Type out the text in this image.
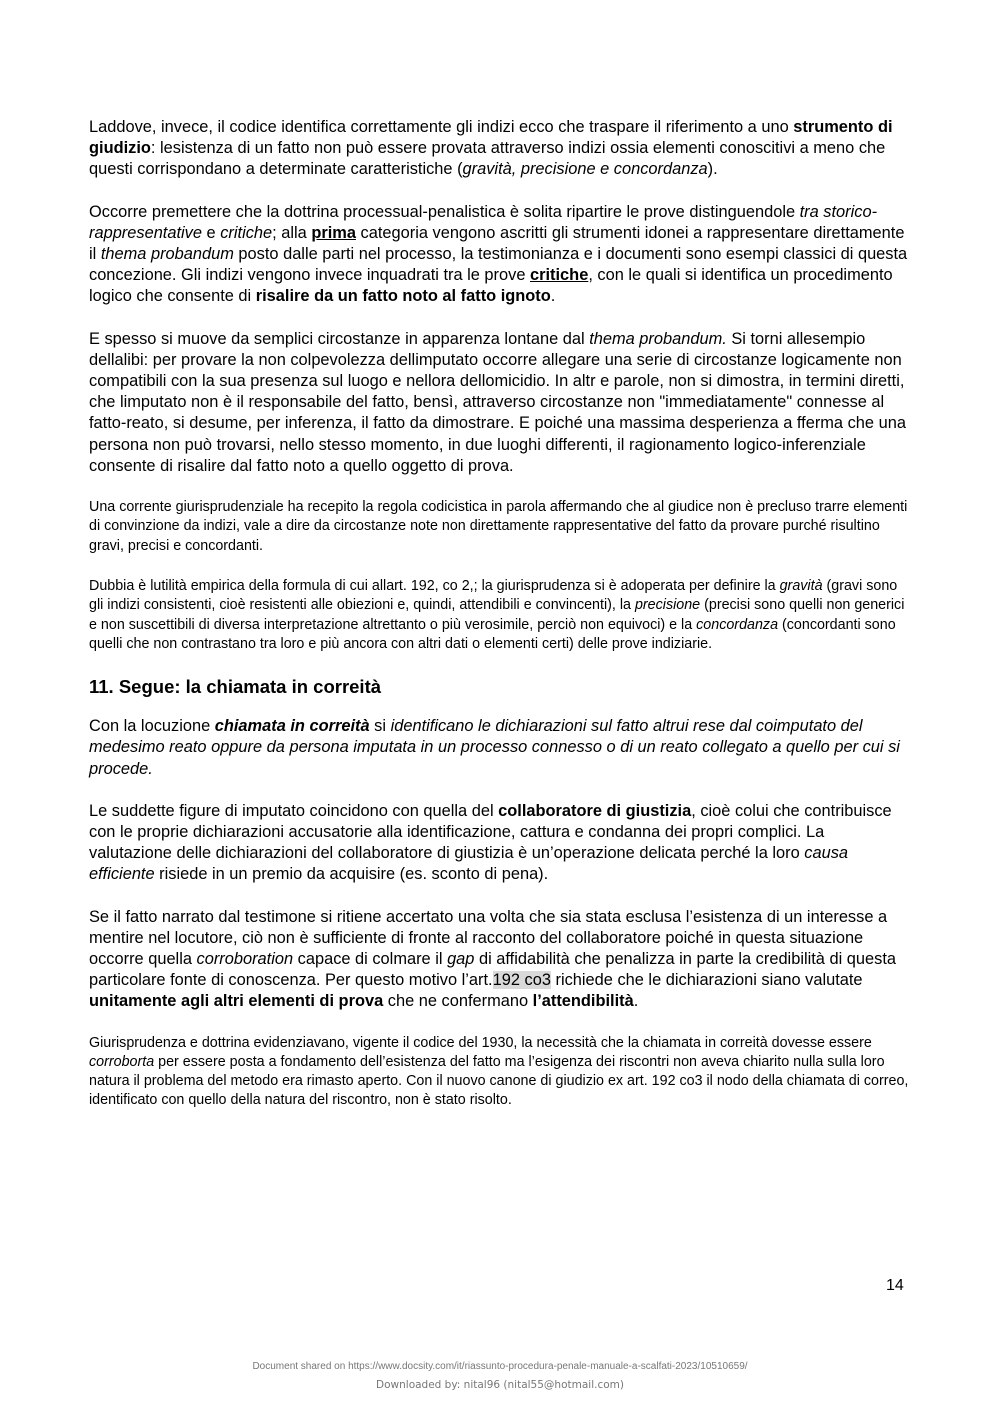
Laddove, invece, il codice identifica correttamente gli indizi ecco che traspare il riferimento a uno strumento di giudizio: lesistenza di un fatto non può essere provata attraverso indizi ossia elementi conoscitivi a meno che questi corrispondano a determinate caratteristiche (gravità, precisione e concordanza).

Occorre premettere che la dottrina processual-penalistica è solita ripartire le prove distinguendole tra storico-rappresentative e critiche; alla prima categoria vengono ascritti gli strumenti idonei a rappresentare direttamente il thema probandum posto dalle parti nel processo, la testimonianza e i documenti sono esempi classici di questa concezione. Gli indizi vengono invece inquadrati tra le prove critiche, con le quali si identifica un procedimento logico che consente di risalire da un fatto noto al fatto ignoto.

E spesso si muove da semplici circostanze in apparenza lontane dal thema probandum. Si torni allesempio dellalibi: per provare la non colpevolezza dellimputato occorre allegare una serie di circostanze logicamente non compatibili con la sua presenza sul luogo e nellora dellomicidio. In altr e parole, non si dimostra, in termini diretti, che limputato non è il responsabile del fatto, bensì, attraverso circostanze non "immediatamente" connesse al fatto-reato, si desume, per inferenza, il fatto da dimostrare. E poiché una massima desperienza a fferma che una persona non può trovarsi, nello stesso momento, in due luoghi differenti, il ragionamento logico-inferenziale consente di risalire dal fatto noto a quello oggetto di prova.

Una corrente giurisprudenziale ha recepito la regola codicistica in parola affermando che al giudice non è precluso trarre elementi di convinzione da indizi, vale a dire da circostanze note non direttamente rappresentative del fatto da provare purché risultino gravi, precisi e concordanti.

Dubbia è lutilità empirica della formula di cui allart. 192, co 2,; la giurisprudenza si è adoperata per definire la gravità (gravi sono gli indizi consistenti, cioè resistenti alle obiezioni e, quindi, attendibili e convincenti), la precisione (precisi sono quelli non generici e non suscettibili di diversa interpretazione altrettanto o più verosimile, perciò non equivoci) e la concordanza (concordanti sono quelli che non contrastano tra loro e più ancora con altri dati o elementi certi) delle prove indiziarie.

11. Segue: la chiamata in correità

Con la locuzione chiamata in correità si identificano le dichiarazioni sul fatto altrui rese dal coimputato del medesimo reato oppure da persona imputata in un processo connesso o di un reato collegato a quello per cui si procede.

Le suddette figure di imputato coincidono con quella del collaboratore di giustizia, cioè colui che contribuisce con le proprie dichiarazioni accusatorie alla identificazione, cattura e condanna dei propri complici. La valutazione delle dichiarazioni del collaboratore di giustizia è un’operazione delicata perché la loro causa efficiente risiede in un premio da acquisire (es. sconto di pena).

Se il fatto narrato dal testimone si ritiene accertato una volta che sia stata esclusa l’esistenza di un interesse a mentire nel locutore, ciò non è sufficiente di fronte al racconto del collaboratore poiché in questa situazione occorre quella corroboration capace di colmare il gap di affidabilità che penalizza in parte la credibilità di questa particolare fonte di conoscenza. Per questo motivo l’art.192 co3 richiede che le dichiarazioni siano valutate unitamente agli altri elementi di prova che ne confermano l’attendibilità.

Giurisprudenza e dottrina evidenziavano, vigente il codice del 1930, la necessità che la chiamata in correità dovesse essere corroborta per essere posta a fondamento dell’esistenza del fatto ma l’esigenza dei riscontri non aveva chiarito nulla sulla loro natura il problema del metodo era rimasto aperto. Con il nuovo canone di giudizio ex art. 192 co3 il nodo della chiamata di correo, identificato con quello della natura del riscontro, non è stato risolto.

14
Document shared on https://www.docsity.com/it/riassunto-procedura-penale-manuale-a-scalfati-2023/10510659/
Downloaded by: nital96 (nital55@hotmail.com)
